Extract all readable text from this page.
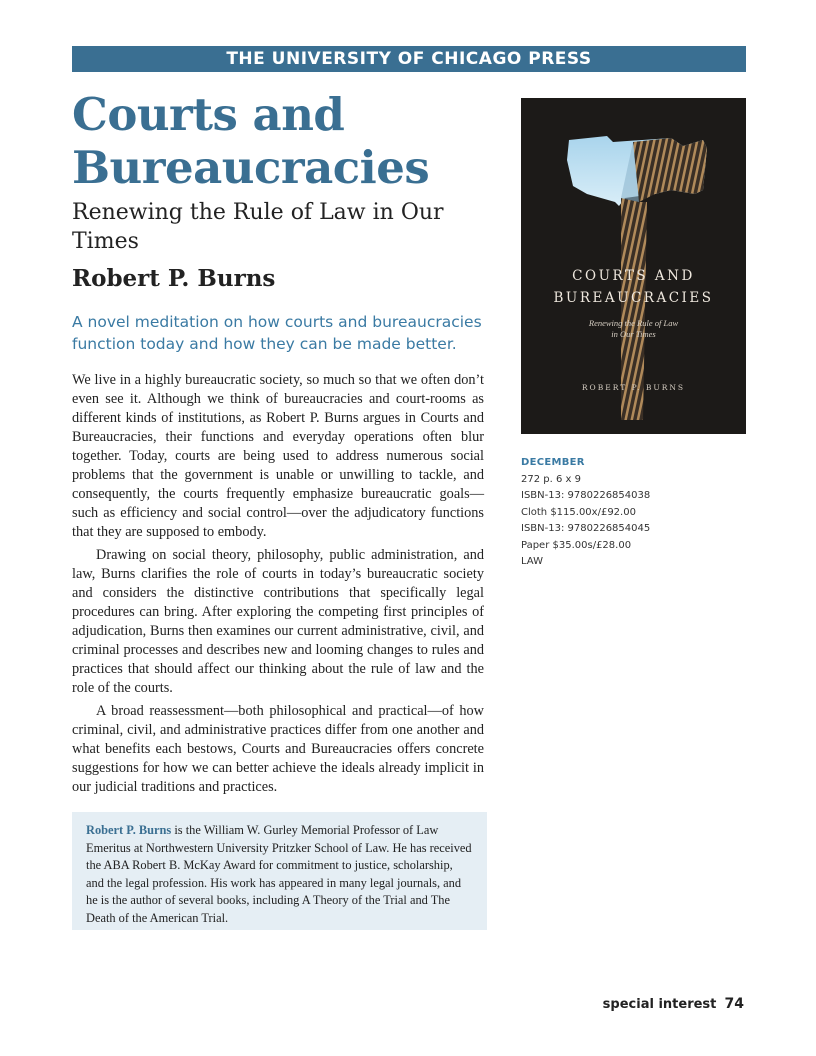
THE UNIVERSITY OF CHICAGO PRESS
Courts and Bureaucracies
Renewing the Rule of Law in Our Times
Robert P. Burns

A novel meditation on how courts and bureaucracies function today and how they can be made better.

We live in a highly bureaucratic society, so much so that we often don’t even see it. Although we think of bureaucracies and court-rooms as different kinds of institutions, as Robert P. Burns argues in Courts and Bureaucracies, their functions and everyday operations often blur together. Today, courts are being used to address numerous social problems that the government is unable or unwilling to tackle, and consequently, the courts frequently emphasize bureaucratic goals—such as efficiency and social control—over the adjudicatory functions that they are supposed to embody.

Drawing on social theory, philosophy, public administration, and law, Burns clarifies the role of courts in today’s bureaucratic society and considers the distinctive contributions that specifically legal procedures can bring. After exploring the competing first principles of adjudication, Burns then examines our current administrative, civil, and criminal processes and describes new and looming changes to rules and practices that should affect our thinking about the rule of law and the role of the courts.

A broad reassessment—both philosophical and practical—of how criminal, civil, and administrative practices differ from one another and what benefits each bestows, Courts and Bureaucracies offers concrete suggestions for how we can better achieve the ideals already implicit in our judicial traditions and practices.

Robert P. Burns is the William W. Gurley Memorial Professor of Law Emeritus at Northwestern University Pritzker School of Law. He has received the ABA Robert B. McKay Award for commitment to justice, scholarship, and the legal profession. His work has appeared in many legal journals, and he is the author of several books, including A Theory of the Trial and The Death of the American Trial.
COURTS AND
BUREAUCRACIES
Renewing the Rule of Law
in Our Times
ROBERT P. BURNS
DECEMBER
272 p. 6 x 9
ISBN-13: 9780226854038
Cloth $115.00x/£92.00
ISBN-13: 9780226854045
Paper $35.00s/£28.00
LAW
special interest 74
